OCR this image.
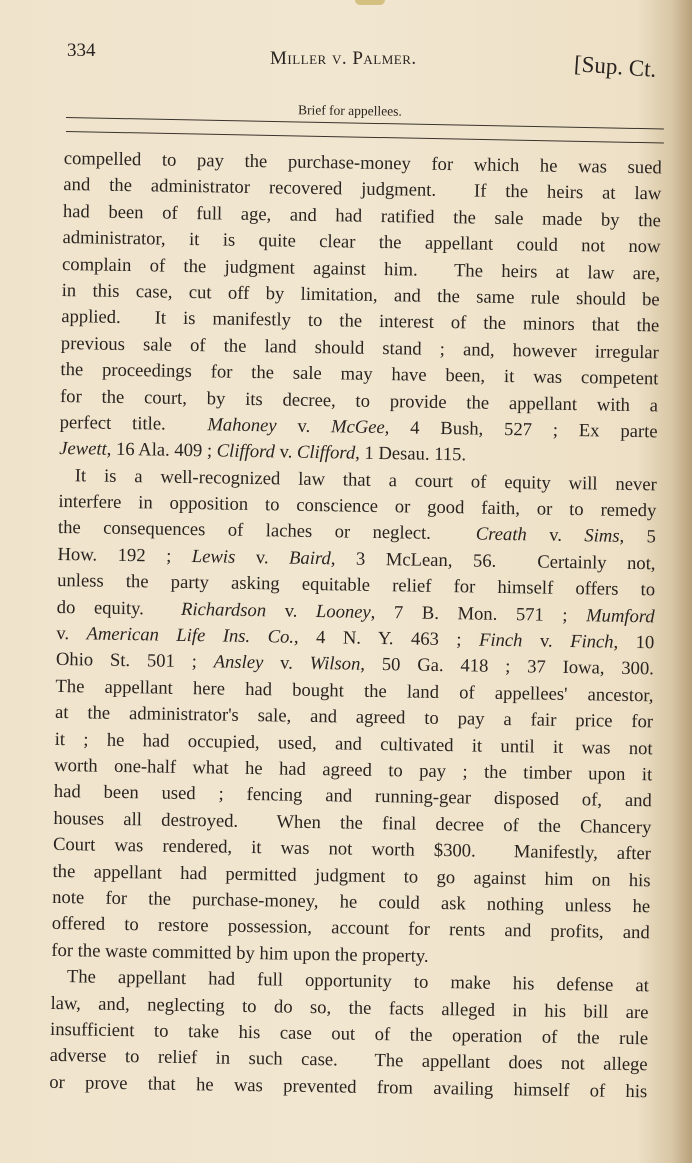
334	Miller v. Palmer.	[Sup. Ct.
Brief for appellees.
compelled to pay the purchase-money for which he was sued
and the administrator recovered judgment.  If the heirs at law
had been of full age, and had ratified the sale made by the
administrator, it is quite clear the appellant could not now
complain of the judgment against him.  The heirs at law are,
in this case, cut off by limitation, and the same rule should be
applied.  It is manifestly to the interest of the minors that the
previous sale of the land should stand ; and, however irregular
the proceedings for the sale may have been, it was competent
for the court, by its decree, to provide the appellant with a
perfect title.  Mahoney v. McGee, 4 Bush, 527 ; Ex parte
Jewett, 16 Ala. 409 ; Clifford v. Clifford, 1 Desau. 115.
It is a well-recognized law that a court of equity will never
interfere in opposition to conscience or good faith, or to remedy
the consequences of laches or neglect.  Creath v. Sims, 5
How. 192 ; Lewis v. Baird, 3 McLean, 56.  Certainly not,
unless the party asking equitable relief for himself offers to
do equity.  Richardson v. Looney, 7 B. Mon. 571 ; Mumford
v. American Life Ins. Co., 4 N. Y. 463 ; Finch v. Finch, 10
Ohio St. 501 ; Ansley v. Wilson, 50 Ga. 418 ; 37 Iowa, 300.
The appellant here had bought the land of appellees' ancestor,
at the administrator's sale, and agreed to pay a fair price for
it ; he had occupied, used, and cultivated it until it was not
worth one-half what he had agreed to pay ; the timber upon it
had been used ; fencing and running-gear disposed of, and
houses all destroyed.  When the final decree of the Chancery
Court was rendered, it was not worth $300.  Manifestly, after
the appellant had permitted judgment to go against him on his
note for the purchase-money, he could ask nothing unless he
offered to restore possession, account for rents and profits, and
for the waste committed by him upon the property.
The appellant had full opportunity to make his defense at
law, and, neglecting to do so, the facts alleged in his bill are
insufficient to take his case out of the operation of the rule
adverse to relief in such case.  The appellant does not allege
or prove that he was prevented from availing himself of his
